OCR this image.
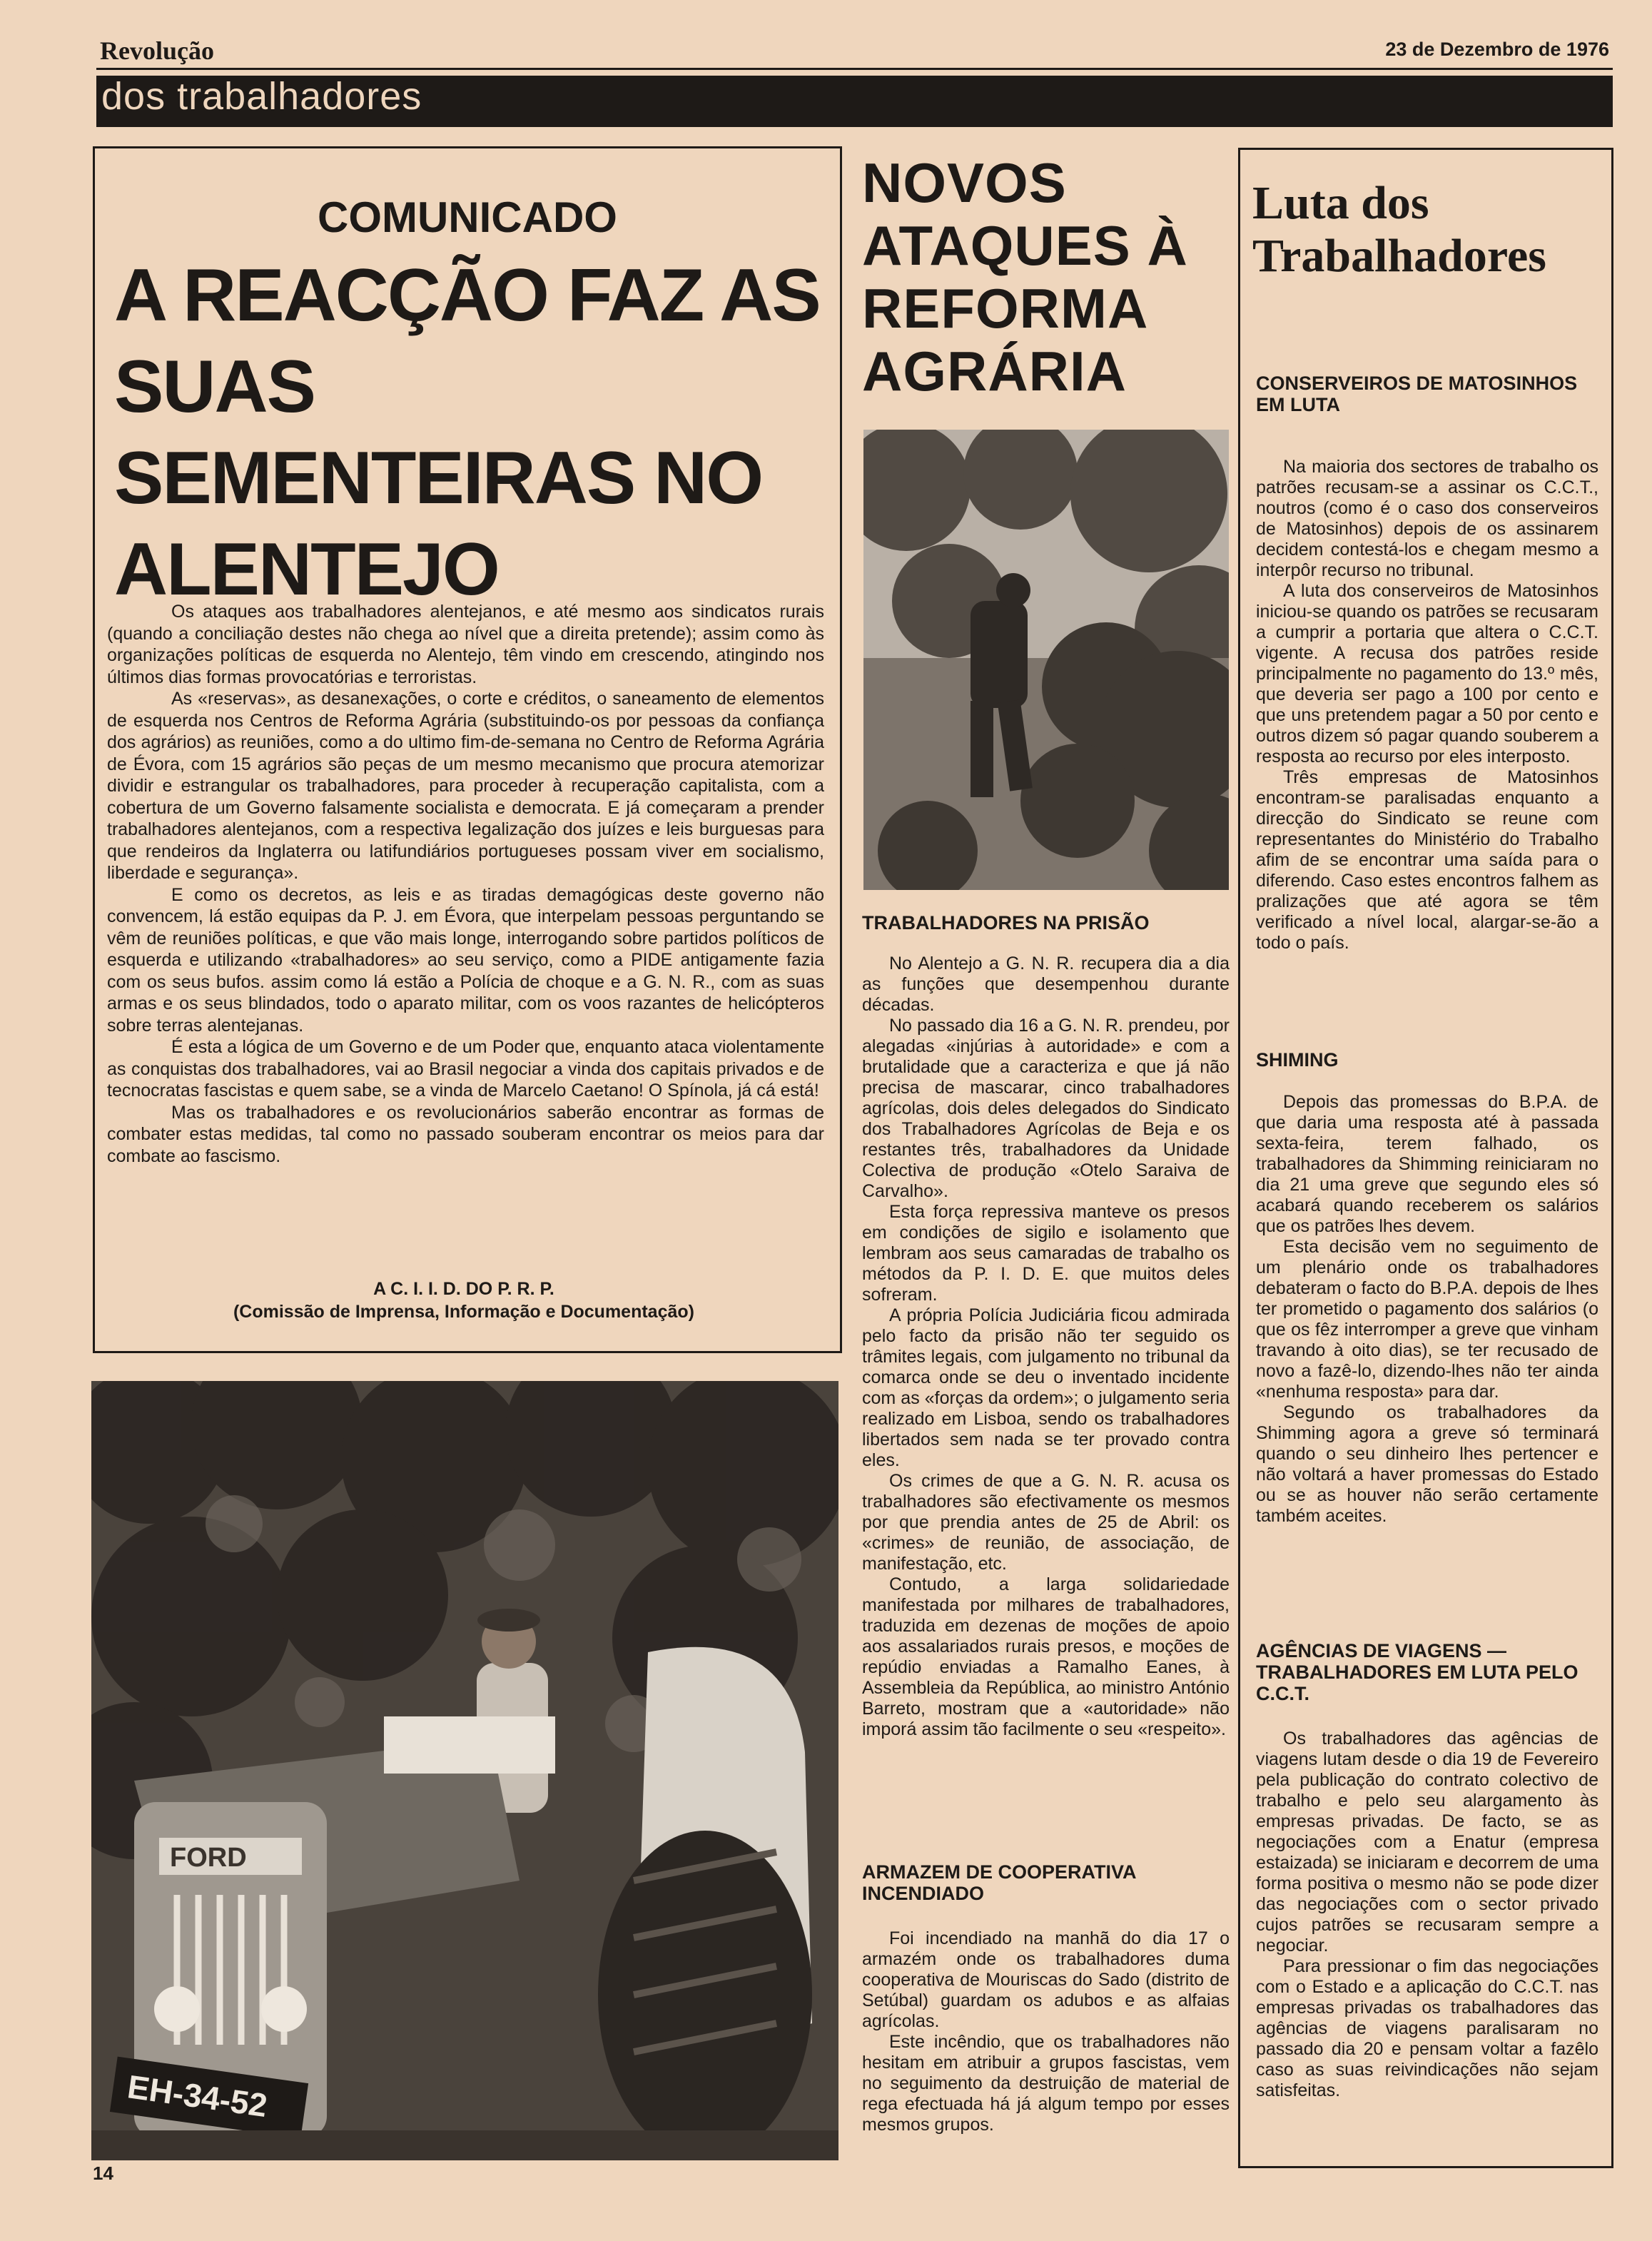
Revolução	23 de Dezembro de 1976
dos trabalhadores
COMUNICADO
A REACÇÃO FAZ AS SUAS SEMENTEIRAS NO ALENTEJO

Os ataques aos trabalhadores alentejanos, e até mesmo aos sindicatos rurais (quando a conciliação destes não chega ao nível que a direita pretende); assim como às organizações políticas de esquerda no Alentejo, têm vindo em crescendo, atingindo nos últimos dias formas provocatórias e terroristas.

As «reservas», as desanexações, o corte e créditos, o saneamento de elementos de esquerda nos Centros de Reforma Agrária (substituindo-os por pessoas da confiança dos agrários) as reuniões, como a do ultimo fim-de-semana no Centro de Reforma Agrária de Évora, com 15 agrários são peças de um mesmo mecanismo que procura atemorizar dividir e estrangular os trabalhadores, para proceder à recuperação capitalista, com a cobertura de um Governo falsamente socialista e democrata. E já começaram a prender trabalhadores alentejanos, com a respectiva legalização dos juízes e leis burguesas para que rendeiros da Inglaterra ou latifundiários portugueses possam viver em socialismo, liberdade e segurança».

E como os decretos, as leis e as tiradas demagógicas deste governo não convencem, lá estão equipas da P. J. em Évora, que interpelam pessoas perguntando se vêm de reuniões políticas, e que vão mais longe, interrogando sobre partidos políticos de esquerda e utilizando «trabalhadores» ao seu serviço, como a PIDE antigamente fazia com os seus bufos. assim como lá estão a Polícia de choque e a G. N. R., com as suas armas e os seus blindados, todo o aparato militar, com os voos razantes de helicópteros sobre terras alentejanas.

É esta a lógica de um Governo e de um Poder que, enquanto ataca violentamente as conquistas dos trabalhadores, vai ao Brasil negociar a vinda dos capitais privados e de tecnocratas fascistas e quem sabe, se a vinda de Marcelo Caetano! O Spínola, já cá está!

Mas os trabalhadores e os revolucionários saberão encontrar as formas de combater estas medidas, tal como no passado souberam encontrar os meios para dar combate ao fascismo.

A C. I. I. D. DO P. R. P.
(Comissão de Imprensa, Informação e Documentação)
FORD
EH-34-52
NOVOS ATAQUES À REFORMA AGRÁRIA
TRABALHADORES NA PRISÃO

No Alentejo a G. N. R. recupera dia a dia as funções que desempenhou durante décadas.

No passado dia 16 a G. N. R. prendeu, por alegadas «injúrias à autoridade» e com a brutalidade que a caracteriza e que já não precisa de mascarar, cinco trabalhadores agrícolas, dois deles delegados do Sindicato dos Trabalhadores Agrícolas de Beja e os restantes três, trabalhadores da Unidade Colectiva de produção «Otelo Saraiva de Carvalho».

Esta força repressiva manteve os presos em condições de sigilo e isolamento que lembram aos seus camaradas de trabalho os métodos da P. I. D. E. que muitos deles sofreram.

A própria Polícia Judiciária ficou admirada pelo facto da prisão não ter seguido os trâmites legais, com julgamento no tribunal da comarca onde se deu o inventado incidente com as «forças da ordem»; o julgamento seria realizado em Lisboa, sendo os trabalhadores libertados sem nada se ter provado contra eles.

Os crimes de que a G. N. R. acusa os trabalhadores são efectivamente os mesmos por que prendia antes de 25 de Abril: os «crimes» de reunião, de associação, de manifestação, etc.

Contudo, a larga solidariedade manifestada por milhares de trabalhadores, traduzida em dezenas de moções de apoio aos assalariados rurais presos, e moções de repúdio enviadas a Ramalho Eanes, à Assembleia da República, ao ministro António Barreto, mostram que a «autoridade» não imporá assim tão facilmente o seu «respeito».

ARMAZEM DE COOPERATIVA INCENDIADO

Foi incendiado na manhã do dia 17 o armazém onde os trabalhadores duma cooperativa de Mouriscas do Sado (distrito de Setúbal) guardam os adubos e as alfaias agrícolas.

Este incêndio, que os trabalhadores não hesitam em atribuir a grupos fascistas, vem no seguimento da destruição de material de rega efectuada há já algum tempo por esses mesmos grupos.

Luta dos Trabalhadores
CONSERVEIROS DE MATOSINHOS EM LUTA

Na maioria dos sectores de trabalho os patrões recusam-se a assinar os C.C.T., noutros (como é o caso dos conserveiros de Matosinhos) depois de os assinarem decidem contestá-los e chegam mesmo a interpôr recurso no tribunal.

A luta dos conserveiros de Matosinhos iniciou-se quando os patrões se recusaram a cumprir a portaria que altera o C.C.T. vigente. A recusa dos patrões reside principalmente no pagamento do 13.º mês, que deveria ser pago a 100 por cento e que uns pretendem pagar a 50 por cento e outros dizem só pagar quando souberem a resposta ao recurso por eles interposto.

Três empresas de Matosinhos encontram-se paralisadas enquanto a direcção do Sindicato se reune com representantes do Ministério do Trabalho afim de se encontrar uma saída para o diferendo. Caso estes encontros falhem as pralizações que até agora se têm verificado a nível local, alargar-se-ão a todo o país.

SHIMING

Depois das promessas do B.P.A. de que daria uma resposta até à passada sexta-feira, terem falhado, os trabalhadores da Shimming reiniciaram no dia 21 uma greve que segundo eles só acabará quando receberem os salários que os patrões lhes devem.

Esta decisão vem no seguimento de um plenário onde os trabalhadores debateram o facto do B.P.A. depois de lhes ter prometido o pagamento dos salários (o que os fêz interromper a greve que vinham travando à oito dias), se ter recusado de novo a fazê-lo, dizendo-lhes não ter ainda «nenhuma resposta» para dar.

Segundo os trabalhadores da Shimming agora a greve só terminará quando o seu dinheiro lhes pertencer e não voltará a haver promessas do Estado ou se as houver não serão certamente também aceites.

AGÊNCIAS DE VIAGENS — TRABALHADORES EM LUTA PELO C.C.T.

Os trabalhadores das agências de viagens lutam desde o dia 19 de Fevereiro pela publicação do contrato colectivo de trabalho e pelo seu alargamento às empresas privadas. De facto, se as negociações com a Enatur (empresa estaizada) se iniciaram e decorrem de uma forma positiva o mesmo não se pode dizer das negociações com o sector privado cujos patrões se recusaram sempre a negociar.

Para pressionar o fim das negociações com o Estado e a aplicação do C.C.T. nas empresas privadas os trabalhadores das agências de viagens paralisaram no passado dia 20 e pensam voltar a fazêlo caso as suas reivindicações não sejam satisfeitas.

14
